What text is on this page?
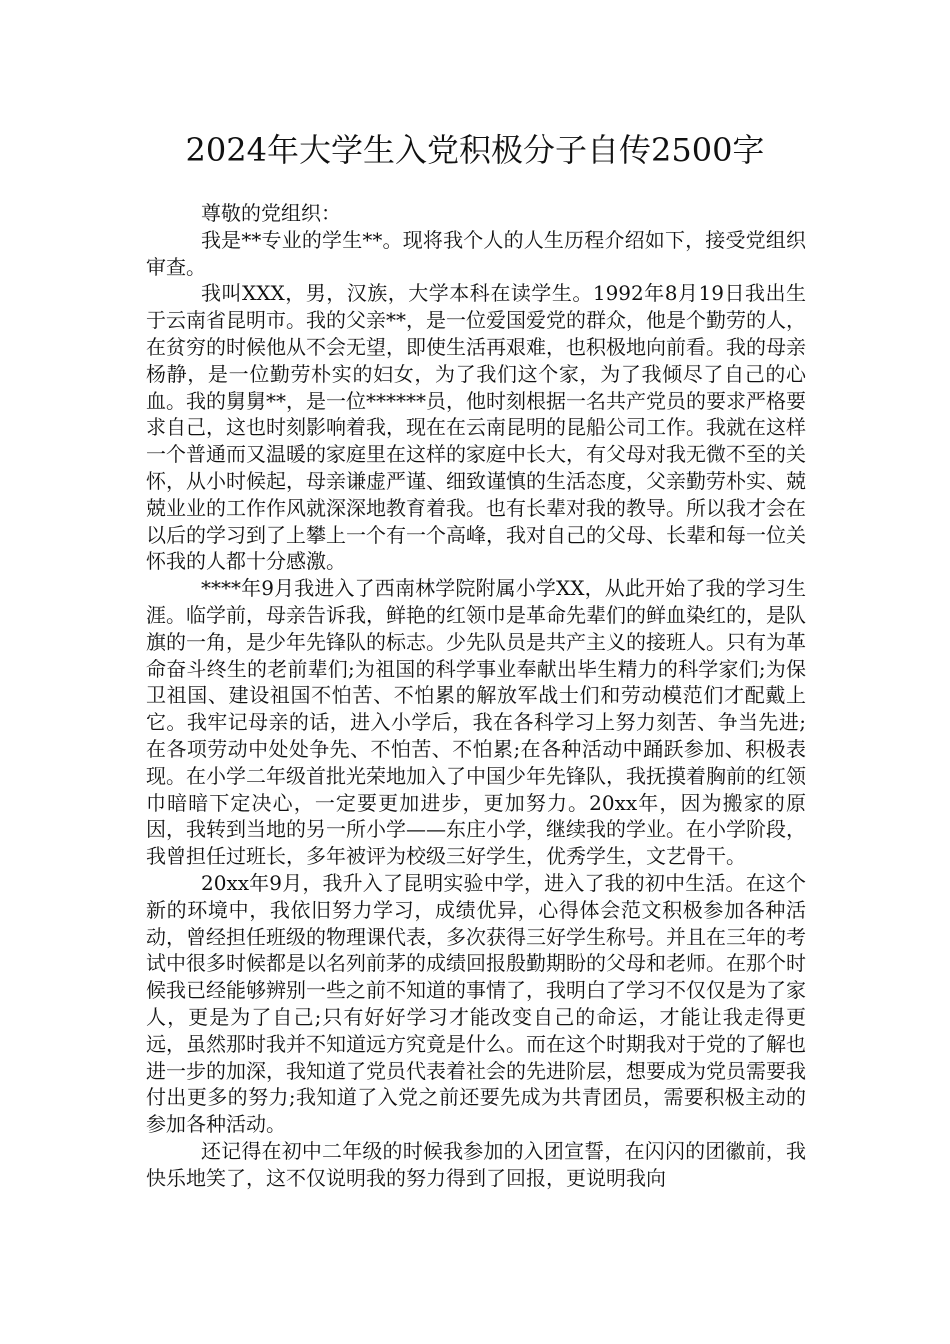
2024年大学生入党积极分子自传2500字

尊敬的党组织：

我是**专业的学生**。现将我个人的人生历程介绍如下，接受党组织审查。

我叫XXX，男，汉族，大学本科在读学生。1992年8月19日我出生于云南省昆明市。我的父亲**，是一位爱国爱党的群众，他是个勤劳的人，在贫穷的时候他从不会无望，即使生活再艰难，也积极地向前看。我的母亲杨静，是一位勤劳朴实的妇女，为了我们这个家，为了我倾尽了自己的心血。我的舅舅**，是一位******员，他时刻根据一名共产党员的要求严格要求自己，这也时刻影响着我，现在在云南昆明的昆船公司工作。我就在这样一个普通而又温暖的家庭里在这样的家庭中长大，有父母对我无微不至的关怀，从小时候起，母亲谦虚严谨、细致谨慎的生活态度，父亲勤劳朴实、兢兢业业的工作作风就深深地教育着我。也有长辈对我的教导。所以我才会在以后的学习到了上攀上一个有一个高峰，我对自己的父母、长辈和每一位关怀我的人都十分感激。

****年9月我进入了西南林学院附属小学XX，从此开始了我的学习生涯。临学前，母亲告诉我，鲜艳的红领巾是革命先辈们的鲜血染红的，是队旗的一角，是少年先锋队的标志。少先队员是共产主义的接班人。只有为革命奋斗终生的老前辈们;为祖国的科学事业奉献出毕生精力的科学家们;为保卫祖国、建设祖国不怕苦、不怕累的解放军战士们和劳动模范们才配戴上它。我牢记母亲的话，进入小学后，我在各科学习上努力刻苦、争当先进;在各项劳动中处处争先、不怕苦、不怕累;在各种活动中踊跃参加、积极表现。在小学二年级首批光荣地加入了中国少年先锋队，我抚摸着胸前的红领巾暗暗下定决心，一定要更加进步，更加努力。20xx年，因为搬家的原因，我转到当地的另一所小学——东庄小学，继续我的学业。在小学阶段，我曾担任过班长，多年被评为校级三好学生，优秀学生，文艺骨干。

20xx年9月，我升入了昆明实验中学，进入了我的初中生活。在这个新的环境中，我依旧努力学习，成绩优异，心得体会范文积极参加各种活动，曾经担任班级的物理课代表，多次获得三好学生称号。并且在三年的考试中很多时候都是以名列前茅的成绩回报殷勤期盼的父母和老师。在那个时候我已经能够辨别一些之前不知道的事情了，我明白了学习不仅仅是为了家人，更是为了自己;只有好好学习才能改变自己的命运，才能让我走得更远，虽然那时我并不知道远方究竟是什么。而在这个时期我对于党的了解也进一步的加深，我知道了党员代表着社会的先进阶层，想要成为党员需要我付出更多的努力;我知道了入党之前还要先成为共青团员，需要积极主动的参加各种活动。

还记得在初中二年级的时候我参加的入团宣誓，在闪闪的团徽前，我快乐地笑了，这不仅说明我的努力得到了回报，更说明我向
